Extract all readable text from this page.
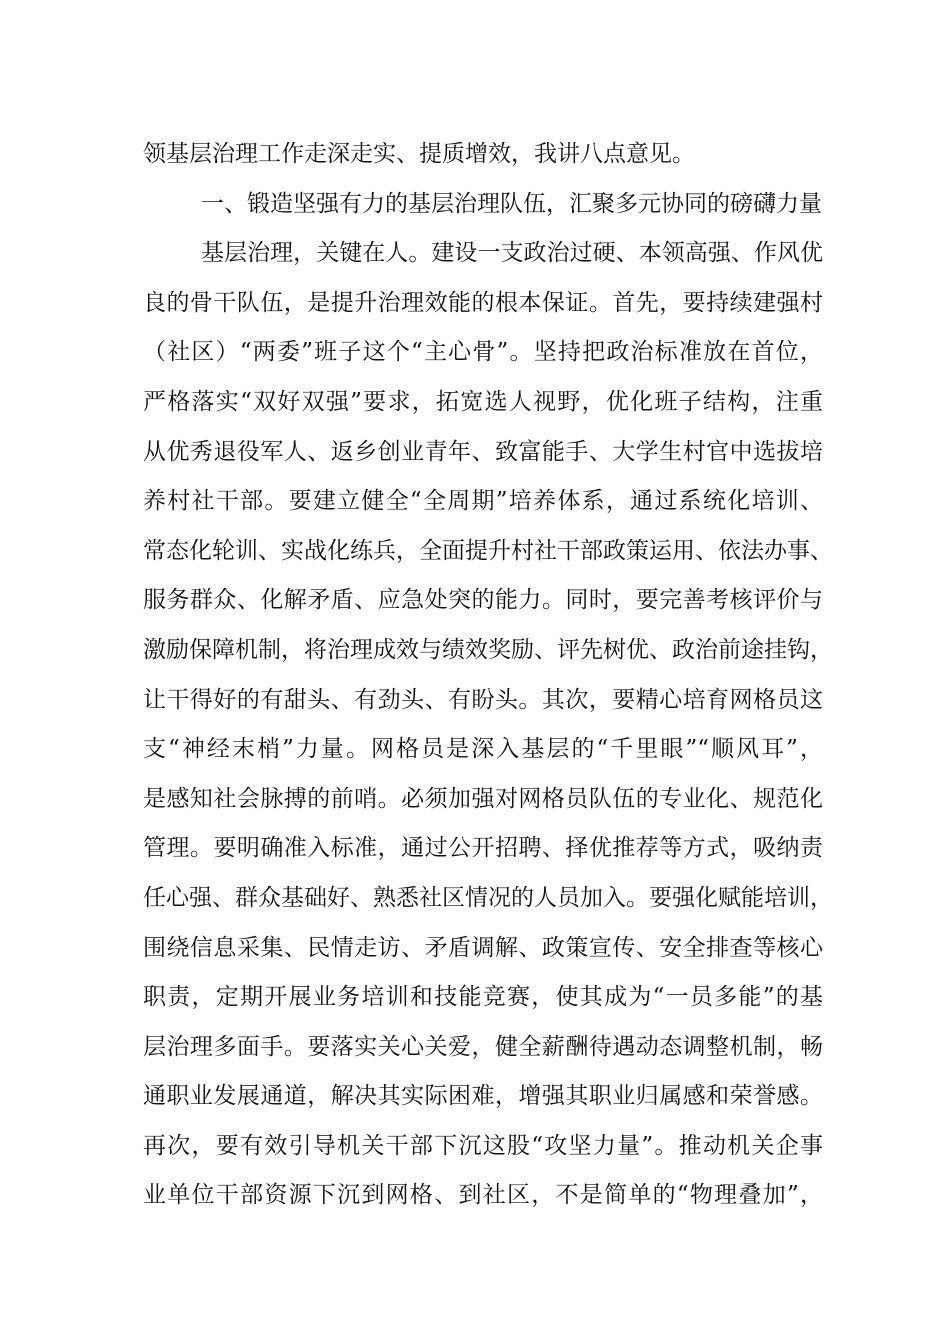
领基层治理工作走深走实、提质增效，我讲八点意见。
一、锻造坚强有力的基层治理队伍，汇聚多元协同的磅礴力量
基层治理，关键在人。建设一支政治过硬、本领高强、作风优
良的骨干队伍，是提升治理效能的根本保证。首先，要持续建强村
（社区）“两委”班子这个“主心骨”。坚持把政治标准放在首位，
严格落实“双好双强”要求，拓宽选人视野，优化班子结构，注重
从优秀退役军人、返乡创业青年、致富能手、大学生村官中选拔培
养村社干部。要建立健全“全周期”培养体系，通过系统化培训、
常态化轮训、实战化练兵，全面提升村社干部政策运用、依法办事、
服务群众、化解矛盾、应急处突的能力。同时，要完善考核评价与
激励保障机制，将治理成效与绩效奖励、评先树优、政治前途挂钩，
让干得好的有甜头、有劲头、有盼头。其次，要精心培育网格员这
支“神经末梢”力量。网格员是深入基层的“千里眼”“顺风耳”，
是感知社会脉搏的前哨。必须加强对网格员队伍的专业化、规范化
管理。要明确准入标准，通过公开招聘、择优推荐等方式，吸纳责
任心强、群众基础好、熟悉社区情况的人员加入。要强化赋能培训，
围绕信息采集、民情走访、矛盾调解、政策宣传、安全排查等核心
职责，定期开展业务培训和技能竞赛，使其成为“一员多能”的基
层治理多面手。要落实关心关爱，健全薪酬待遇动态调整机制，畅
通职业发展通道，解决其实际困难，增强其职业归属感和荣誉感。
再次，要有效引导机关干部下沉这股“攻坚力量”。推动机关企事
业单位干部资源下沉到网格、到社区，不是简单的“物理叠加”，
